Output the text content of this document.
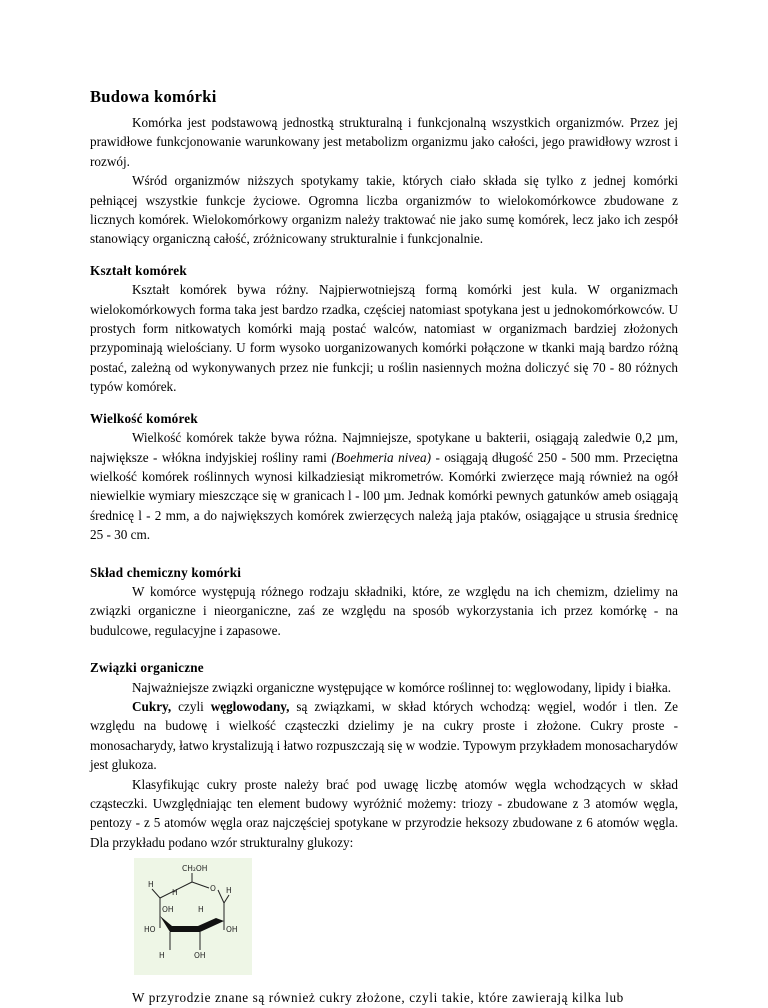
Budowa komórki

Komórka jest podstawową jednostką strukturalną i funkcjonalną wszystkich organizmów. Przez jej prawidłowe funkcjonowanie warunkowany jest metabolizm organizmu jako całości, jego prawidłowy wzrost i rozwój.

Wśród organizmów niższych spotykamy takie, których ciało składa się tylko z jednej komórki pełniącej wszystkie funkcje życiowe. Ogromna liczba organizmów to wielokomórkowce zbudowane z licznych komórek. Wielokomórkowy organizm należy traktować nie jako sumę komórek, lecz jako ich zespół stanowiący organiczną całość, zróżnicowany strukturalnie i funkcjonalnie.

Kształt komórek

Kształt komórek bywa różny. Najpierwotniejszą formą komórki jest kula. W organizmach wielokomórkowych forma taka jest bardzo rzadka, częściej natomiast spotykana jest u jednokomórkowców. U prostych form nitkowatych komórki mają postać walców, natomiast w organizmach bardziej złożonych przypominają wielościany. U form wysoko uorganizowanych komórki połączone w tkanki mają bardzo różną postać, zależną od wykonywanych przez nie funkcji; u roślin nasiennych można doliczyć się 70 - 80 różnych typów komórek.

Wielkość komórek

Wielkość komórek także bywa różna. Najmniejsze, spotykane u bakterii, osiągają zaledwie 0,2 µm, największe - włókna indyjskiej rośliny rami (Boehmeria nivea) - osiągają długość 250 - 500 mm. Przeciętna wielkość komórek roślinnych wynosi kilkadziesiąt mikrometrów. Komórki zwierzęce mają również na ogół niewielkie wymiary mieszczące się w granicach l - l00 µm. Jednak komórki pewnych gatunków ameb osiągają średnicę l - 2 mm, a do największych komórek zwierzęcych należą jaja ptaków, osiągające u strusia średnicę 25 - 30 cm.

Skład chemiczny komórki

W komórce występują różnego rodzaju składniki, które, ze względu na ich chemizm, dzielimy na związki organiczne i nieorganiczne, zaś ze względu na sposób wykorzystania ich przez komórkę - na budulcowe, regulacyjne i zapasowe.

Związki organiczne

Najważniejsze związki organiczne występujące w komórce roślinnej to: węglowodany, lipidy i białka.

Cukry, czyli węglowodany, są związkami, w skład których wchodzą: węgiel, wodór i tlen. Ze względu na budowę i wielkość cząsteczki dzielimy je na cukry proste i złożone. Cukry proste - monosacharydy, łatwo krystalizują i łatwo rozpuszczają się w wodzie. Typowym przykładem monosacharydów jest glukoza.

Klasyfikując cukry proste należy brać pod uwagę liczbę atomów węgla wchodzących w skład cząsteczki. Uwzględniając ten element budowy wyróżnić możemy: triozy - zbudowane z 3 atomów węgla, pentozy - z 5 atomów węgla oraz najczęściej spotykane w przyrodzie heksozy zbudowane z 6 atomów węgla. Dla przykładu podano wzór strukturalny glukozy:

CH₂OH
H	O H
H
OH	H
HO	OH
H	OH

W przyrodzie znane są również cukry złożone, czyli takie, które zawierają kilka lub
